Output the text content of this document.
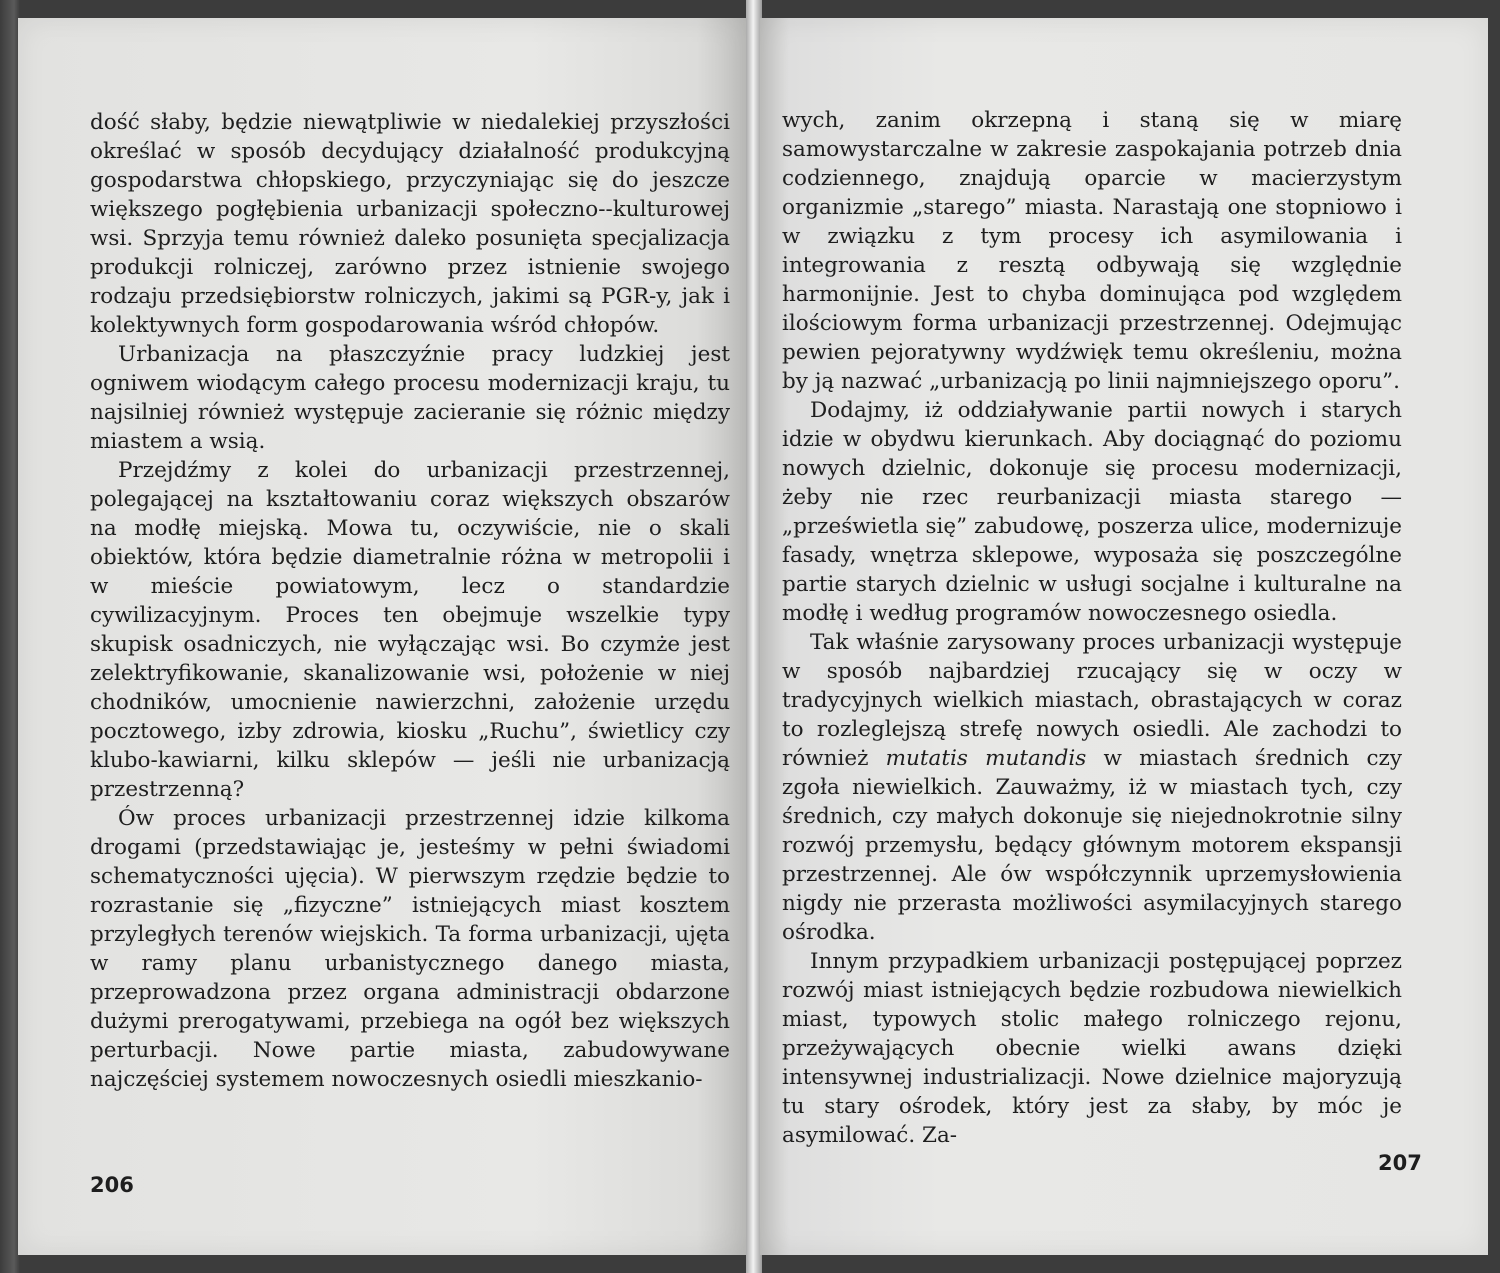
dość słaby, będzie niewątpliwie w niedalekiej przyszłości określać w sposób decydujący działalność produkcyjną gospodarstwa chłopskiego, przyczyniając się do jeszcze większego pogłębienia urbanizacji społeczno--kulturowej wsi. Sprzyja temu również daleko posunięta specjalizacja produkcji rolniczej, zarówno przez istnienie swojego rodzaju przedsiębiorstw rolniczych, jakimi są PGR-y, jak i kolektywnych form gospodarowania wśród chłopów.

Urbanizacja na płaszczyźnie pracy ludzkiej jest ogniwem wiodącym całego procesu modernizacji kraju, tu najsilniej również występuje zacieranie się różnic między miastem a wsią.

Przejdźmy z kolei do urbanizacji przestrzennej, polegającej na kształtowaniu coraz większych obszarów na modłę miejską. Mowa tu, oczywiście, nie o skali obiektów, która będzie diametralnie różna w metropolii i w mieście powiatowym, lecz o standardzie cywilizacyjnym. Proces ten obejmuje wszelkie typy skupisk osadniczych, nie wyłączając wsi. Bo czymże jest zelektryfikowanie, skanalizowanie wsi, położenie w niej chodników, umocnienie nawierzchni, założenie urzędu pocztowego, izby zdrowia, kiosku „Ruchu”, świetlicy czy klubo-kawiarni, kilku sklepów — jeśli nie urbanizacją przestrzenną?

Ów proces urbanizacji przestrzennej idzie kilkoma drogami (przedstawiając je, jesteśmy w pełni świadomi schematyczności ujęcia). W pierwszym rzędzie będzie to rozrastanie się „fizyczne” istniejących miast kosztem przyległych terenów wiejskich. Ta forma urbanizacji, ujęta w ramy planu urbanistycznego danego miasta, przeprowadzona przez organa administracji obdarzone dużymi prerogatywami, przebiega na ogół bez większych perturbacji. Nowe partie miasta, zabudowywane najczęściej systemem nowoczesnych osiedli mieszkanio-

206

wych, zanim okrzepną i staną się w miarę samowystarczalne w zakresie zaspokajania potrzeb dnia codziennego, znajdują oparcie w macierzystym organizmie „starego” miasta. Narastają one stopniowo i w związku z tym procesy ich asymilowania i integrowania z resztą odbywają się względnie harmonijnie. Jest to chyba dominująca pod względem ilościowym forma urbanizacji przestrzennej. Odejmując pewien pejoratywny wydźwięk temu określeniu, można by ją nazwać „urbanizacją po linii najmniejszego oporu”.

Dodajmy, iż oddziaływanie partii nowych i starych idzie w obydwu kierunkach. Aby dociągnąć do poziomu nowych dzielnic, dokonuje się procesu modernizacji, żeby nie rzec reurbanizacji miasta starego — „prześwietla się” zabudowę, poszerza ulice, modernizuje fasady, wnętrza sklepowe, wyposaża się poszczególne partie starych dzielnic w usługi socjalne i kulturalne na modłę i według programów nowoczesnego osiedla.

Tak właśnie zarysowany proces urbanizacji występuje w sposób najbardziej rzucający się w oczy w tradycyjnych wielkich miastach, obrastających w coraz to rozleglejszą strefę nowych osiedli. Ale zachodzi to również mutatis mutandis w miastach średnich czy zgoła niewielkich. Zauważmy, iż w miastach tych, czy średnich, czy małych dokonuje się niejednokrotnie silny rozwój przemysłu, będący głównym motorem ekspansji przestrzennej. Ale ów współczynnik uprzemysłowienia nigdy nie przerasta możliwości asymilacyjnych starego ośrodka.

Innym przypadkiem urbanizacji postępującej poprzez rozwój miast istniejących będzie rozbudowa niewielkich miast, typowych stolic małego rolniczego rejonu, przeżywających obecnie wielki awans dzięki intensywnej industrializacji. Nowe dzielnice majoryzują tu stary ośrodek, który jest za słaby, by móc je asymilować. Za-

207
